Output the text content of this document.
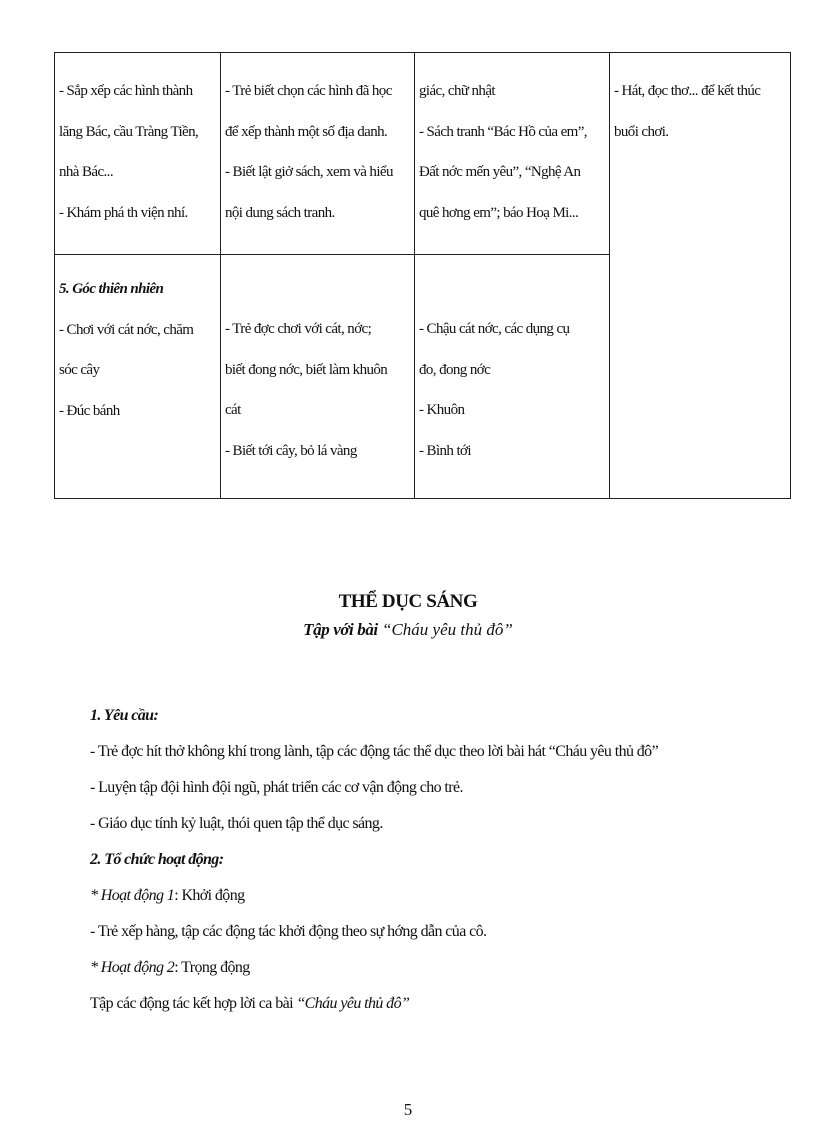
- Sắp xếp các hình thành
lăng Bác, cầu Tràng Tiền,
nhà Bác...
- Khám phá th viện nhí.	- Trẻ biết chọn các hình đã học
để xếp thành một số địa danh.
- Biết lật giở sách, xem và hiểu
nội dung sách tranh.	giác, chữ nhật
- Sách tranh “Bác Hồ của em”,
Đất nớc mến yêu”, “Nghệ An
quê hơng em”; báo Hoạ Mi...	- Hát, đọc thơ... để kết thúc
buổi chơi.

5. Góc thiên nhiên
- Chơi với cát nớc, chăm
sóc cây
- Đúc bánh	- Trẻ đợc chơi với cát, nớc;
biết đong nớc, biết làm khuôn
cát
- Biết tới cây, bỏ lá vàng	- Chậu cát nớc, các dụng cụ
đo, đong nớc
- Khuôn
- Bình tới	
THỂ DỤC SÁNG
Tập với bài “Cháu yêu thủ đô”
1. Yêu cầu:
- Trẻ đợc hít thở không khí trong lành, tập các động tác thể dục theo lời bài hát “Cháu yêu thủ đô”
- Luyện tập đội hình đội ngũ, phát triển các cơ vận động cho trẻ.
- Giáo dục tính kỷ luật, thói quen tập thể dục sáng.
2. Tổ chức hoạt động:
* Hoạt động 1: Khởi động
- Trẻ xếp hàng, tập các động tác khởi động theo sự hớng dẫn của cô.
* Hoạt động 2: Trọng động
Tập các động tác kết hợp lời ca bài “Cháu yêu thủ đô”
5
